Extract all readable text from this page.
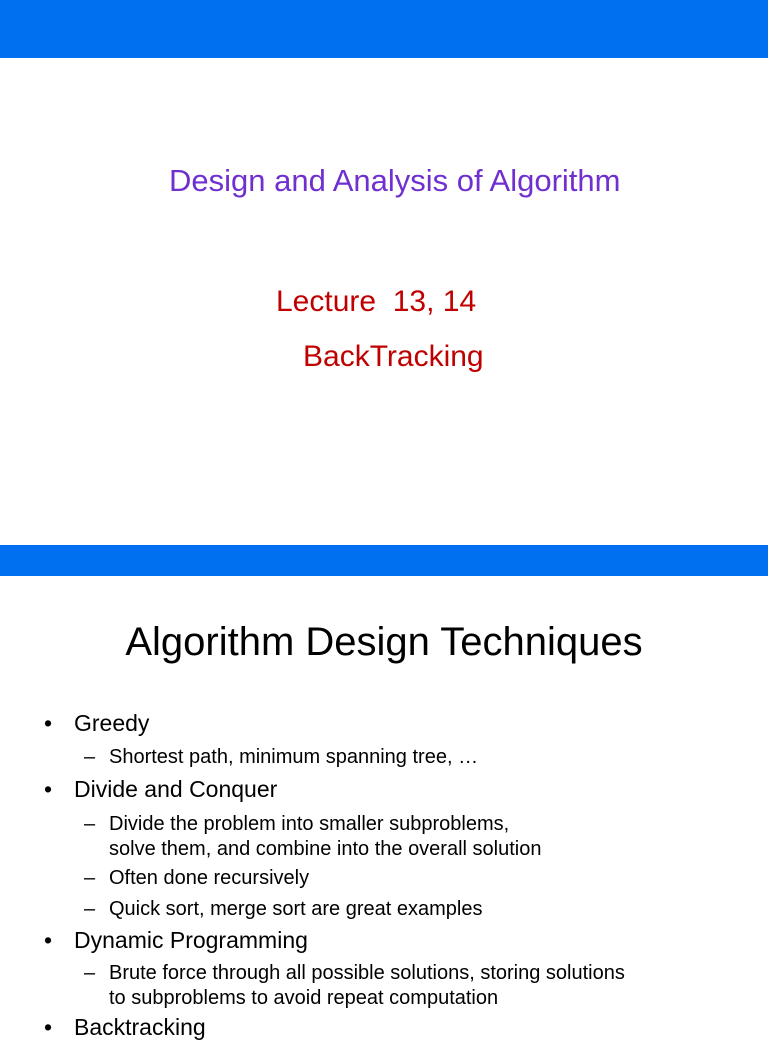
Design and Analysis of Algorithm
Lecture  13, 14
BackTracking
Algorithm Design Techniques
• Greedy
– Shortest path, minimum spanning tree, …
• Divide and Conquer
– Divide the problem into smaller subproblems,
solve them, and combine into the overall solution
– Often done recursively
– Quick sort, merge sort are great examples
• Dynamic Programming
– Brute force through all possible solutions, storing solutions
to subproblems to avoid repeat computation
• Backtracking
